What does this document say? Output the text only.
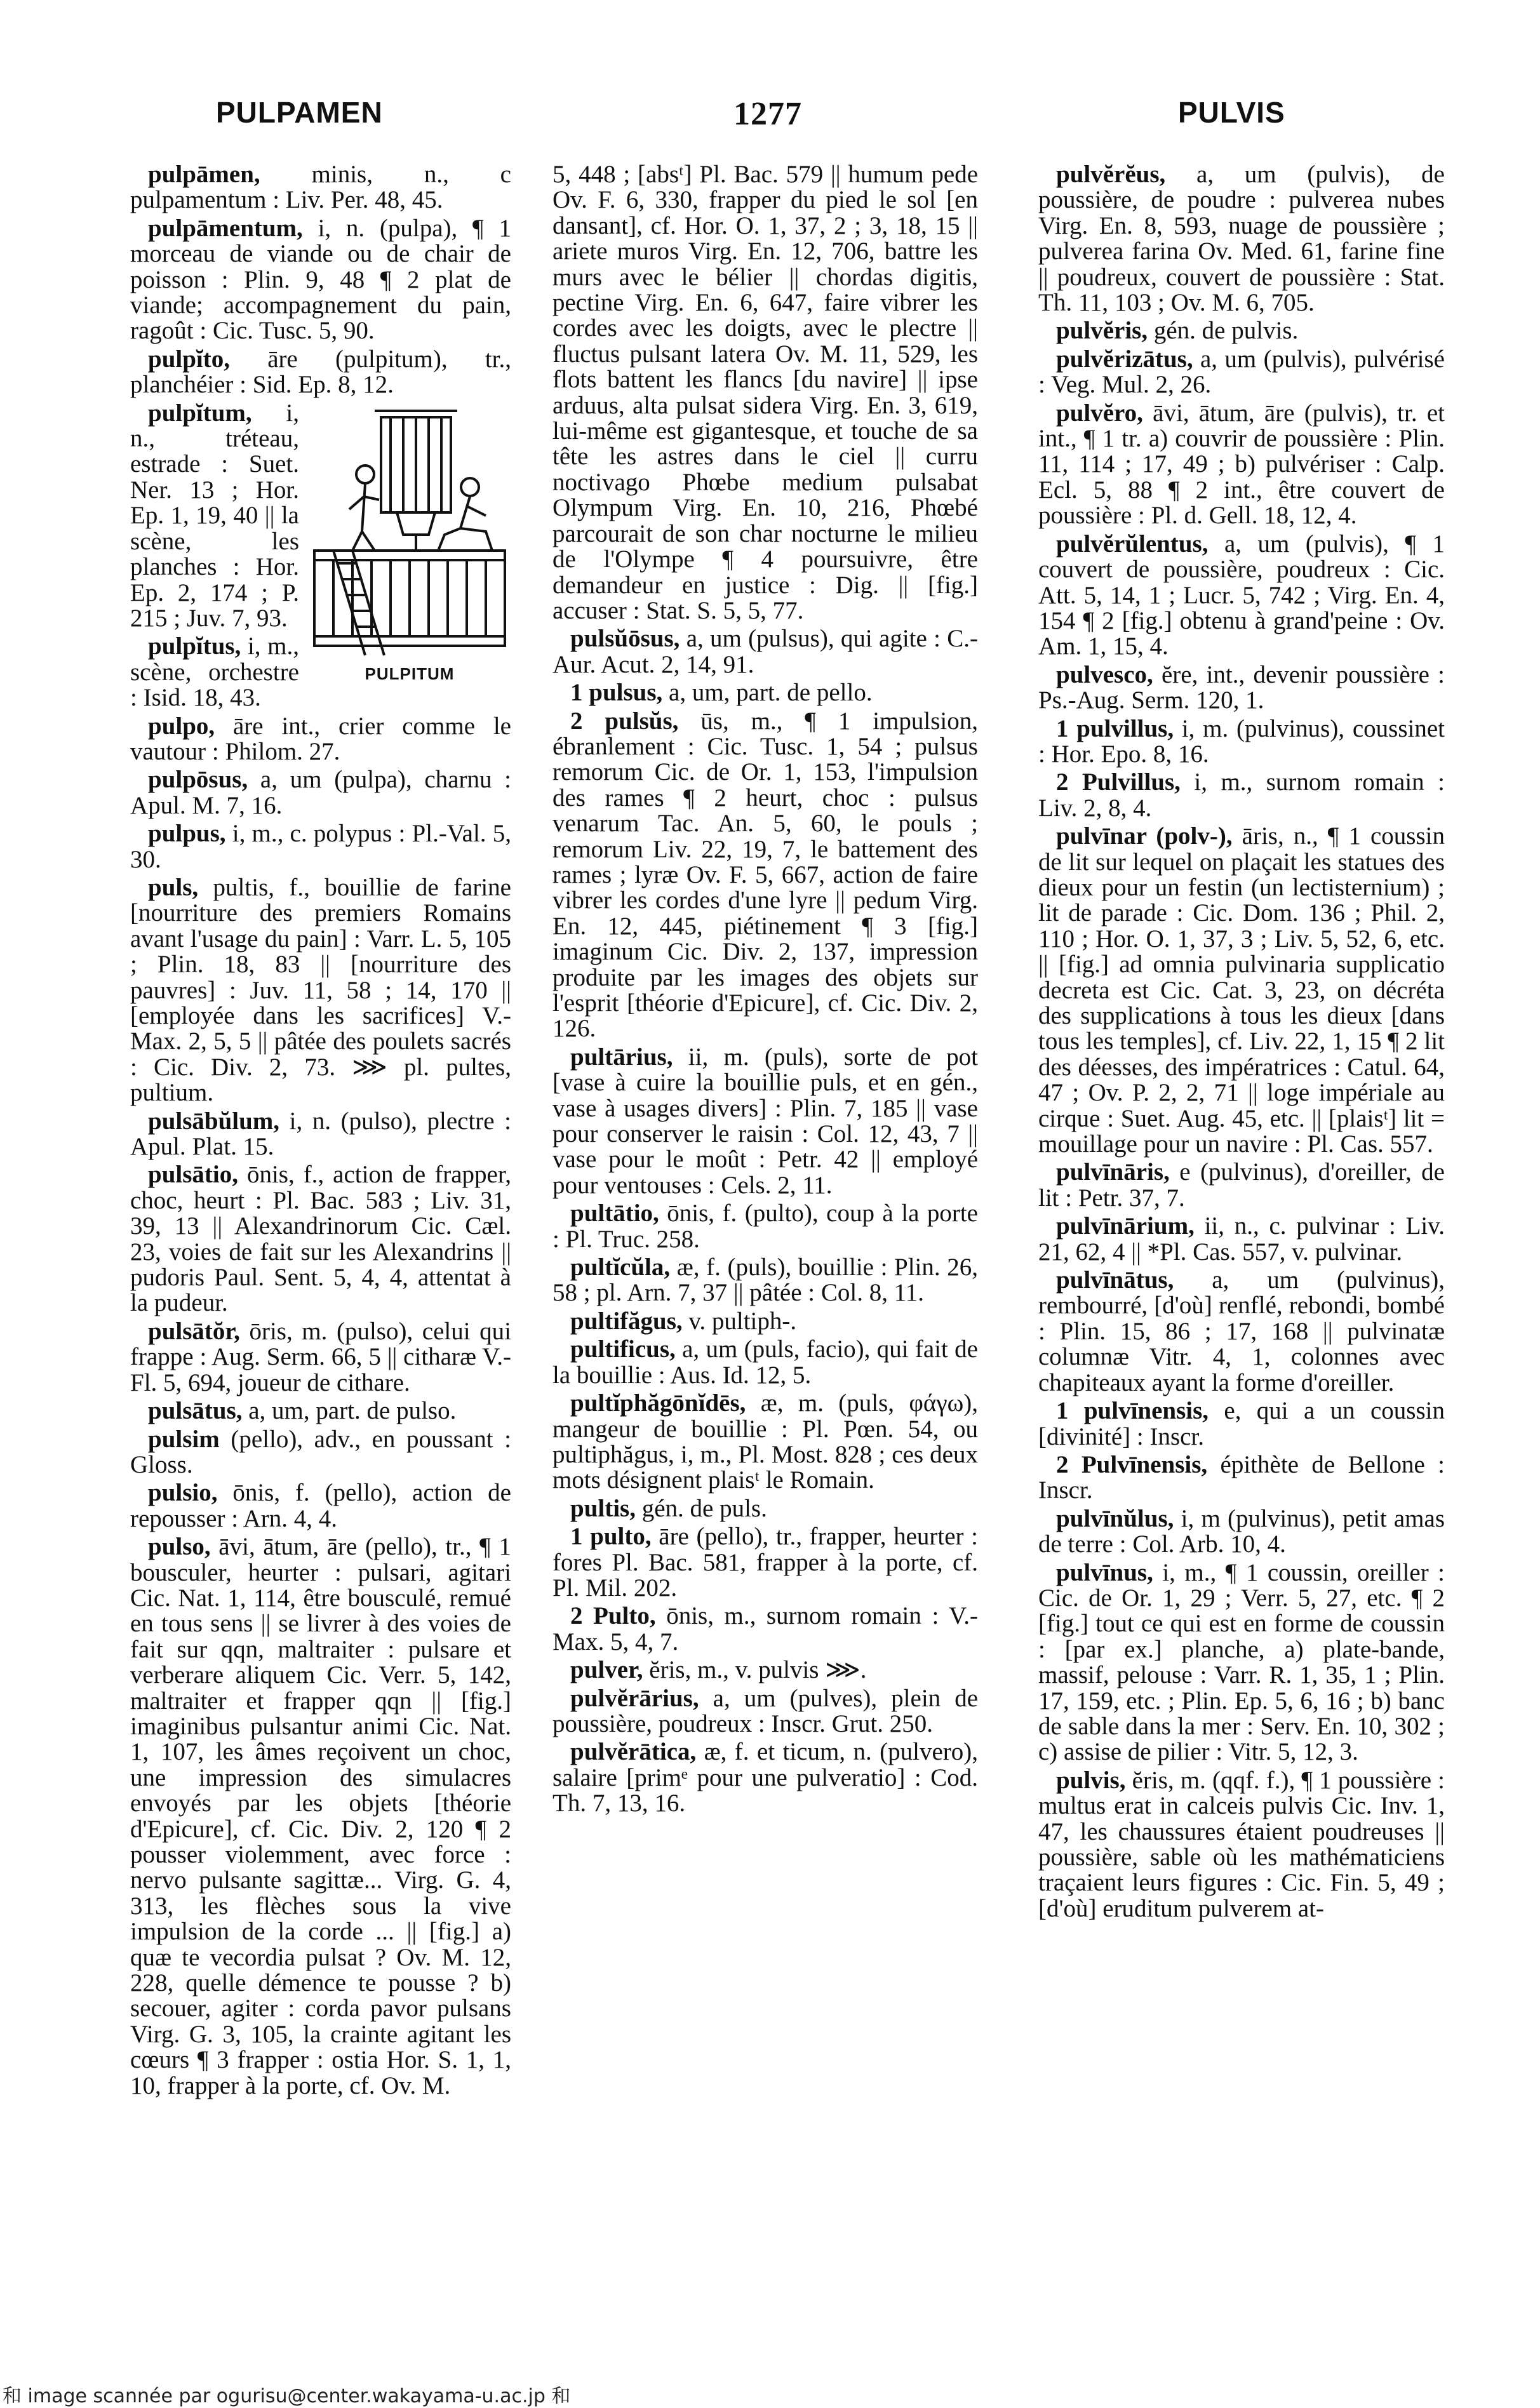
PULPAMEN	1277	PULVIS
pulpāmen, minis, n., c pulpamentum : Liv. Per. 48, 45.
pulpāmentum, i, n. (pulpa), ¶ 1 morceau de viande ou de chair de poisson : Plin. 9, 48 ¶ 2 plat de viande; accompagnement du pain, ragoût : Cic. Tusc. 5, 90.
pulpĭto, āre (pulpitum), tr., planchéier : Sid. Ep. 8, 12.
PULPITUM
pulpĭtum, i, n., tréteau, estrade : Suet. Ner. 13 ; Hor. Ep. 1, 19, 40 || la scène, les planches : Hor. Ep. 2, 174 ; P. 215 ; Juv. 7, 93.
pulpĭtus, i, m., scène, orchestre : Isid. 18, 43.
pulpo, āre int., crier comme le vautour : Philom. 27.
pulpōsus, a, um (pulpa), charnu : Apul. M. 7, 16.
pulpus, i, m., c. polypus : Pl.-Val. 5, 30.
puls, pultis, f., bouillie de farine [nourriture des premiers Romains avant l'usage du pain] : Varr. L. 5, 105 ; Plin. 18, 83 || [nourriture des pauvres] : Juv. 11, 58 ; 14, 170 || [employée dans les sacrifices] V.-Max. 2, 5, 5 || pâtée des poulets sacrés : Cic. Div. 2, 73. ⋙ pl. pultes, pultium.
pulsābŭlum, i, n. (pulso), plectre : Apul. Plat. 15.
pulsātio, ōnis, f., action de frapper, choc, heurt : Pl. Bac. 583 ; Liv. 31, 39, 13 || Alexandrinorum Cic. Cæl. 23, voies de fait sur les Alexandrins || pudoris Paul. Sent. 5, 4, 4, attentat à la pudeur.
pulsātŏr, ōris, m. (pulso), celui qui frappe : Aug. Serm. 66, 5 || citharæ V.-Fl. 5, 694, joueur de cithare.
pulsātus, a, um, part. de pulso.
pulsim (pello), adv., en poussant : Gloss.
pulsio, ōnis, f. (pello), action de repousser : Arn. 4, 4.
pulso, āvi, ātum, āre (pello), tr., ¶ 1 bousculer, heurter : pulsari, agitari Cic. Nat. 1, 114, être bousculé, remué en tous sens || se livrer à des voies de fait sur qqn, maltraiter : pulsare et verberare aliquem Cic. Verr. 5, 142, maltraiter et frapper qqn || [fig.] imaginibus pulsantur animi Cic. Nat. 1, 107, les âmes reçoivent un choc, une impression des simulacres envoyés par les objets [théorie d'Epicure], cf. Cic. Div. 2, 120 ¶ 2 pousser violemment, avec force : nervo pulsante sagittæ... Virg. G. 4, 313, les flèches sous la vive impulsion de la corde ... || [fig.] a) quæ te vecordia pulsat ? Ov. M. 12, 228, quelle démence te pousse ? b) secouer, agiter : corda pavor pulsans Virg. G. 3, 105, la crainte agitant les cœurs ¶ 3 frapper : ostia Hor. S. 1, 1, 10, frapper à la porte, cf. Ov. M.
5, 448 ; [absᵗ] Pl. Bac. 579 || humum pede Ov. F. 6, 330, frapper du pied le sol [en dansant], cf. Hor. O. 1, 37, 2 ; 3, 18, 15 || ariete muros Virg. En. 12, 706, battre les murs avec le bélier || chordas digitis, pectine Virg. En. 6, 647, faire vibrer les cordes avec les doigts, avec le plectre || fluctus pulsant latera Ov. M. 11, 529, les flots battent les flancs [du navire] || ipse arduus, alta pulsat sidera Virg. En. 3, 619, lui-même est gigantesque, et touche de sa tête les astres dans le ciel || curru noctivago Phœbe medium pulsabat Olympum Virg. En. 10, 216, Phœbé parcourait de son char nocturne le milieu de l'Olympe ¶ 4 poursuivre, être demandeur en justice : Dig. || [fig.] accuser : Stat. S. 5, 5, 77.
pulsŭōsus, a, um (pulsus), qui agite : C.-Aur. Acut. 2, 14, 91.
1 pulsus, a, um, part. de pello.
2 pulsŭs, ūs, m., ¶ 1 impulsion, ébranlement : Cic. Tusc. 1, 54 ; pulsus remorum Cic. de Or. 1, 153, l'impulsion des rames ¶ 2 heurt, choc : pulsus venarum Tac. An. 5, 60, le pouls ; remorum Liv. 22, 19, 7, le battement des rames ; lyræ Ov. F. 5, 667, action de faire vibrer les cordes d'une lyre || pedum Virg. En. 12, 445, piétinement ¶ 3 [fig.] imaginum Cic. Div. 2, 137, impression produite par les images des objets sur l'esprit [théorie d'Epicure], cf. Cic. Div. 2, 126.
pultārius, ii, m. (puls), sorte de pot [vase à cuire la bouillie puls, et en gén., vase à usages divers] : Plin. 7, 185 || vase pour conserver le raisin : Col. 12, 43, 7 || vase pour le moût : Petr. 42 || employé pour ventouses : Cels. 2, 11.
pultātio, ōnis, f. (pulto), coup à la porte : Pl. Truc. 258.
pultĭcŭla, æ, f. (puls), bouillie : Plin. 26, 58 ; pl. Arn. 7, 37 || pâtée : Col. 8, 11.
pultifăgus, v. pultiph-.
pultificus, a, um (puls, facio), qui fait de la bouillie : Aus. Id. 12, 5.
pultĭphăgōnĭdēs, æ, m. (puls, φάγω), mangeur de bouillie : Pl. Pœn. 54, ou pultiphăgus, i, m., Pl. Most. 828 ; ces deux mots désignent plaisᵗ le Romain.
pultis, gén. de puls.
1 pulto, āre (pello), tr., frapper, heurter : fores Pl. Bac. 581, frapper à la porte, cf. Pl. Mil. 202.
2 Pulto, ōnis, m., surnom romain : V.-Max. 5, 4, 7.
pulver, ĕris, m., v. pulvis ⋙.
pulvĕrārius, a, um (pulves), plein de poussière, poudreux : Inscr. Grut. 250.
pulvĕrātica, æ, f. et ticum, n. (pulvero), salaire [primᵉ pour une pulveratio] : Cod. Th. 7, 13, 16.
pulvĕrĕus, a, um (pulvis), de poussière, de poudre : pulverea nubes Virg. En. 8, 593, nuage de poussière ; pulverea farina Ov. Med. 61, farine fine || poudreux, couvert de poussière : Stat. Th. 11, 103 ; Ov. M. 6, 705.
pulvĕris, gén. de pulvis.
pulvĕrizātus, a, um (pulvis), pulvérisé : Veg. Mul. 2, 26.
pulvĕro, āvi, ātum, āre (pulvis), tr. et int., ¶ 1 tr. a) couvrir de poussière : Plin. 11, 114 ; 17, 49 ; b) pulvériser : Calp. Ecl. 5, 88 ¶ 2 int., être couvert de poussière : Pl. d. Gell. 18, 12, 4.
pulvĕrŭlentus, a, um (pulvis), ¶ 1 couvert de poussière, poudreux : Cic. Att. 5, 14, 1 ; Lucr. 5, 742 ; Virg. En. 4, 154 ¶ 2 [fig.] obtenu à grand'peine : Ov. Am. 1, 15, 4.
pulvesco, ĕre, int., devenir poussière : Ps.-Aug. Serm. 120, 1.
1 pulvillus, i, m. (pulvinus), coussinet : Hor. Epo. 8, 16.
2 Pulvillus, i, m., surnom romain : Liv. 2, 8, 4.
pulvīnar (polv-), āris, n., ¶ 1 coussin de lit sur lequel on plaçait les statues des dieux pour un festin (un lectisternium) ; lit de parade : Cic. Dom. 136 ; Phil. 2, 110 ; Hor. O. 1, 37, 3 ; Liv. 5, 52, 6, etc. || [fig.] ad omnia pulvinaria supplicatio decreta est Cic. Cat. 3, 23, on décréta des supplications à tous les dieux [dans tous les temples], cf. Liv. 22, 1, 15 ¶ 2 lit des déesses, des impératrices : Catul. 64, 47 ; Ov. P. 2, 2, 71 || loge impériale au cirque : Suet. Aug. 45, etc. || [plaisᵗ] lit = mouillage pour un navire : Pl. Cas. 557.
pulvīnāris, e (pulvinus), d'oreiller, de lit : Petr. 37, 7.
pulvīnārium, ii, n., c. pulvinar : Liv. 21, 62, 4 || *Pl. Cas. 557, v. pulvinar.
pulvīnātus, a, um (pulvinus), rembourré, [d'où] renflé, rebondi, bombé : Plin. 15, 86 ; 17, 168 || pulvinatæ columnæ Vitr. 4, 1, colonnes avec chapiteaux ayant la forme d'oreiller.
1 pulvīnensis, e, qui a un coussin [divinité] : Inscr.
2 Pulvīnensis, épithète de Bellone : Inscr.
pulvīnŭlus, i, m (pulvinus), petit amas de terre : Col. Arb. 10, 4.
pulvīnus, i, m., ¶ 1 coussin, oreiller : Cic. de Or. 1, 29 ; Verr. 5, 27, etc. ¶ 2 [fig.] tout ce qui est en forme de coussin : [par ex.] planche, a) plate-bande, massif, pelouse : Varr. R. 1, 35, 1 ; Plin. 17, 159, etc. ; Plin. Ep. 5, 6, 16 ; b) banc de sable dans la mer : Serv. En. 10, 302 ; c) assise de pilier : Vitr. 5, 12, 3.
pulvis, ĕris, m. (qqf. f.), ¶ 1 poussière : multus erat in calceis pulvis Cic. Inv. 1, 47, les chaussures étaient poudreuses || poussière, sable où les mathématiciens traçaient leurs figures : Cic. Fin. 5, 49 ; [d'où] eruditum pulverem at-
和 image scannée par ogurisu@center.wakayama-u.ac.jp 和
